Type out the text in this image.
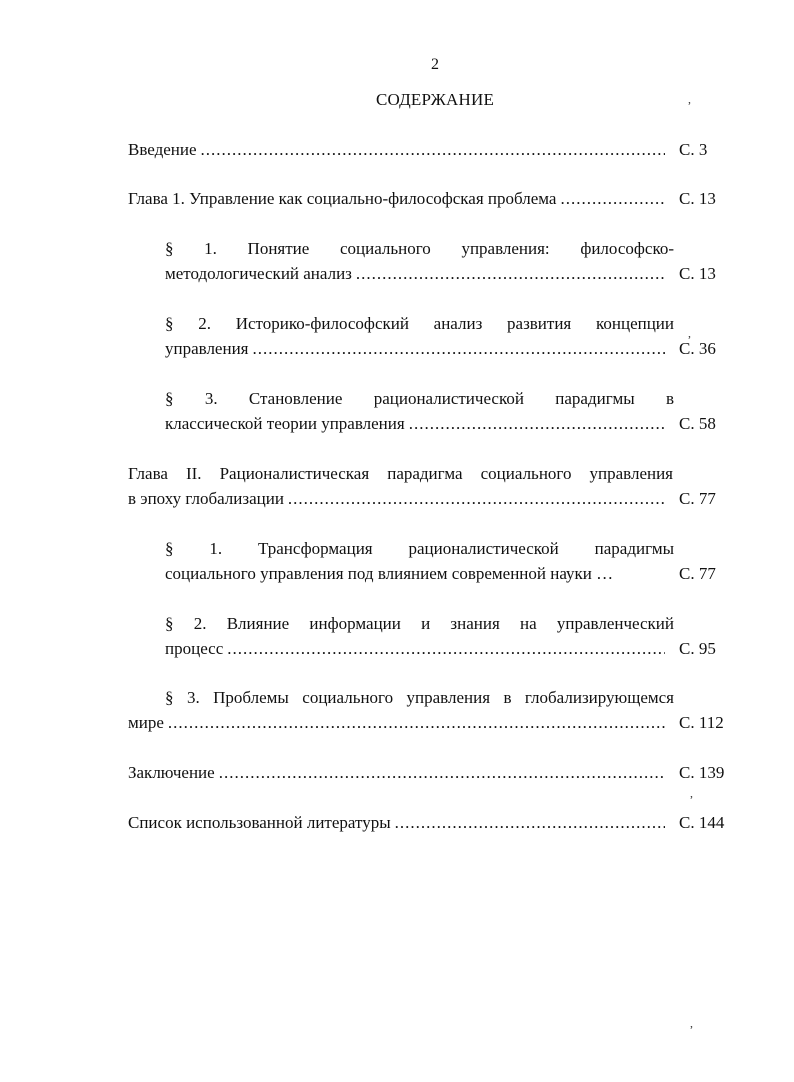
2
СОДЕРЖАНИЕ
Введение .....	С. 3
Глава 1. Управление как социально-философская проблема .....	С. 13
§ 1. Понятие социального управления: философско-
методологический анализ .....	С. 13
§ 2. Историко-философский анализ развития концепции
управления .....	С. 36
§ 3. Становление рационалистической парадигмы в
классической теории управления .....	С. 58
Глава II. Рационалистическая парадигма социального управления
в эпоху глобализации .....	С. 77
§ 1. Трансформация рационалистической парадигмы
социального управления под влиянием современной науки …	С. 77
§ 2. Влияние информации и знания на управленческий
процесс .....	С. 95
§ 3. Проблемы социального управления в глобализирующемся
мире .....	С. 112
Заключение .....	С. 139
Список использованной литературы .....	С. 144
,
,
,
,
